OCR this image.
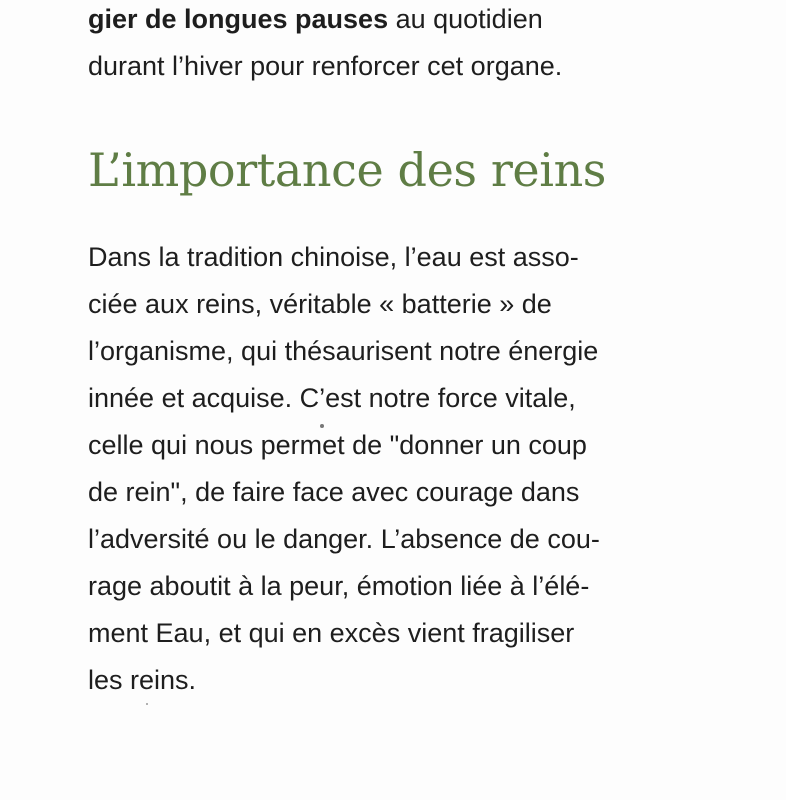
gier de longues pauses au quotidien
durant l’hiver pour renforcer cet organe.

L’importance des reins

Dans la tradition chinoise, l’eau est asso-
ciée aux reins, véritable « batterie » de
l’organisme, qui thésaurisent notre énergie
innée et acquise. C’est notre force vitale,
celle qui nous permet de "donner un coup
de rein", de faire face avec courage dans
l’adversité ou le danger. L’absence de cou-
rage aboutit à la peur, émotion liée à l’élé-
ment Eau, et qui en excès vient fragiliser
les reins.
